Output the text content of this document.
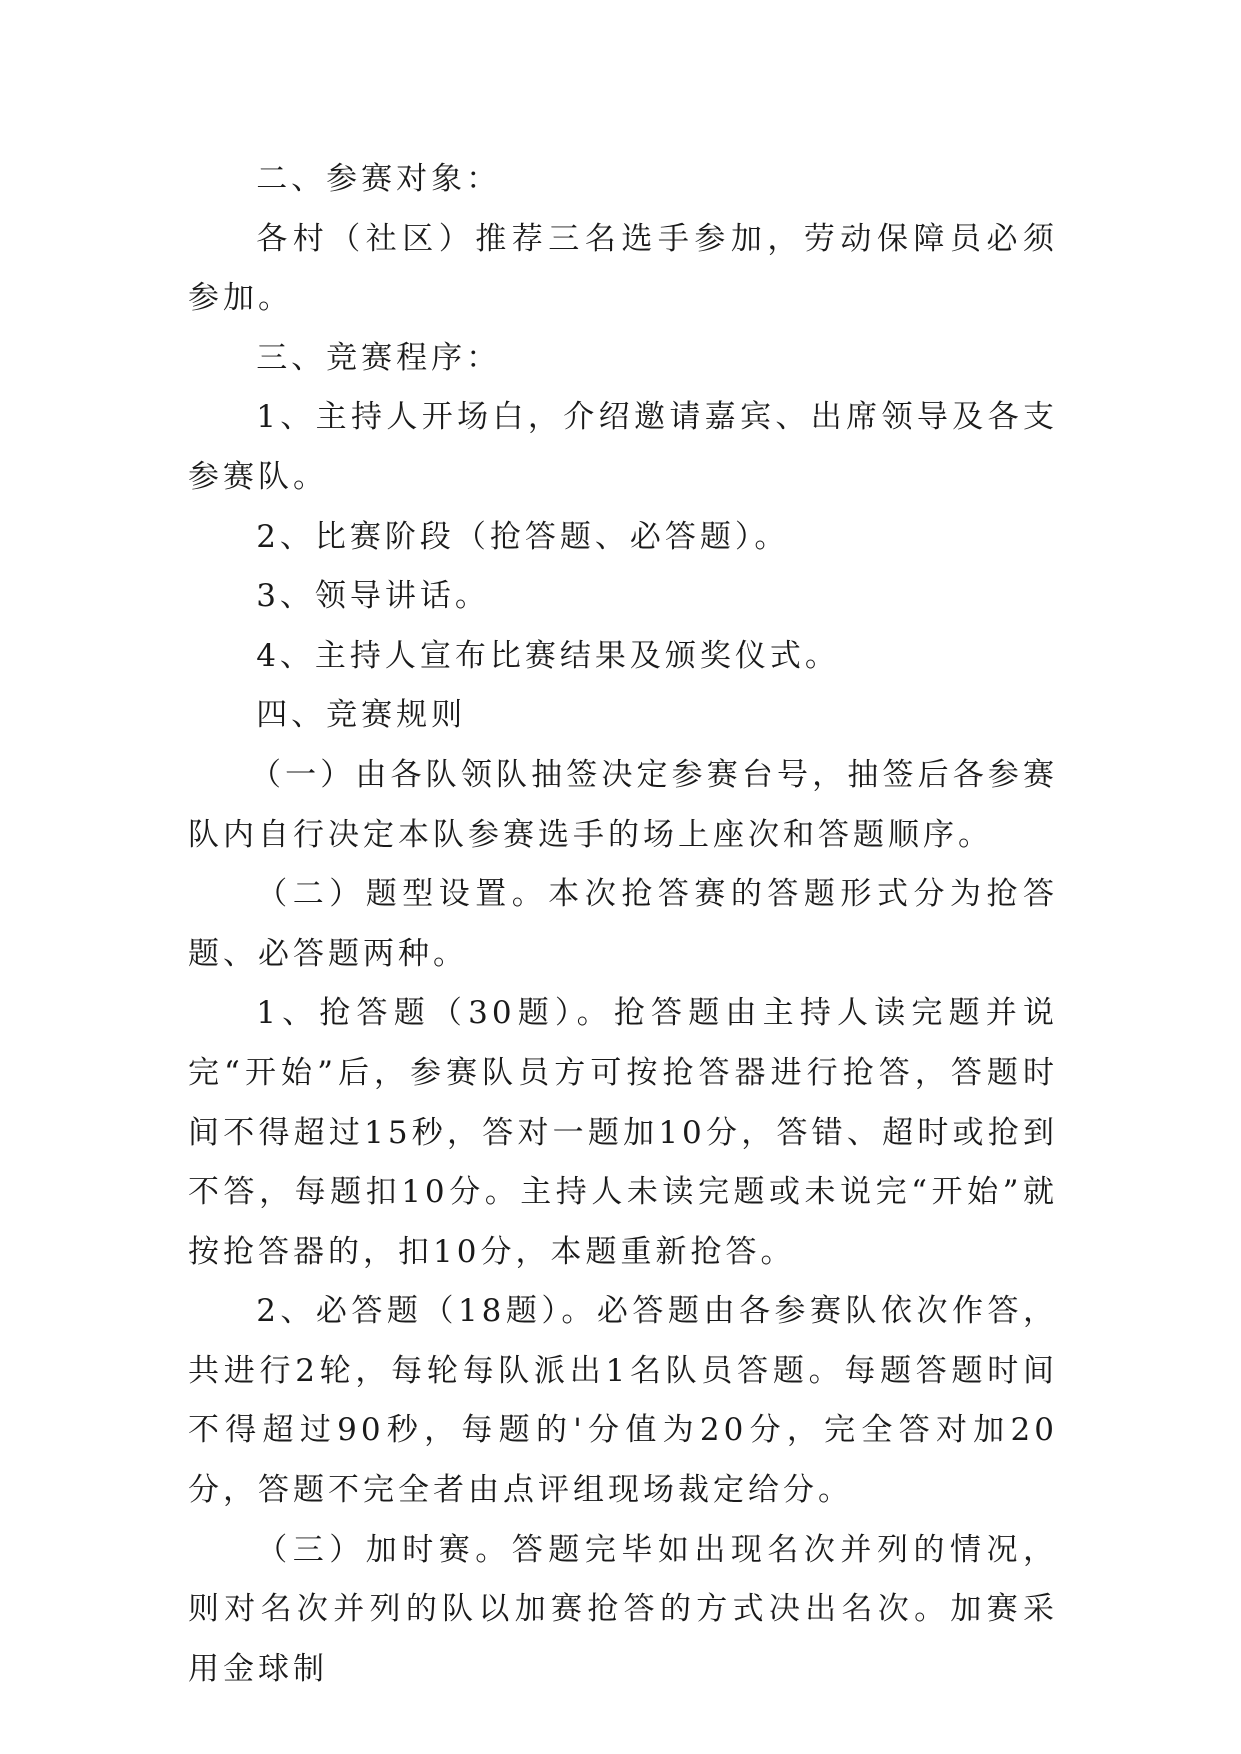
二、参赛对象：

各村（社区）推荐三名选手参加，劳动保障员必须参加。

三、竞赛程序：

1、主持人开场白，介绍邀请嘉宾、出席领导及各支参赛队。

2、比赛阶段（抢答题、必答题）。

3、领导讲话。

4、主持人宣布比赛结果及颁奖仪式。

四、竞赛规则

（一）由各队领队抽签决定参赛台号，抽签后各参赛队内自行决定本队参赛选手的场上座次和答题顺序。

（二）题型设置。本次抢答赛的答题形式分为抢答题、必答题两种。

1、抢答题（30题）。抢答题由主持人读完题并说完“开始”后，参赛队员方可按抢答器进行抢答，答题时间不得超过15秒，答对一题加10分，答错、超时或抢到不答，每题扣10分。主持人未读完题或未说完“开始”就按抢答器的，扣10分，本题重新抢答。

2、必答题（18题）。必答题由各参赛队依次作答，共进行2轮，每轮每队派出1名队员答题。每题答题时间不得超过90秒，每题的'分值为20分，完全答对加20分，答题不完全者由点评组现场裁定给分。

（三）加时赛。答题完毕如出现名次并列的情况，则对名次并列的队以加赛抢答的方式决出名次。加赛采用金球制
